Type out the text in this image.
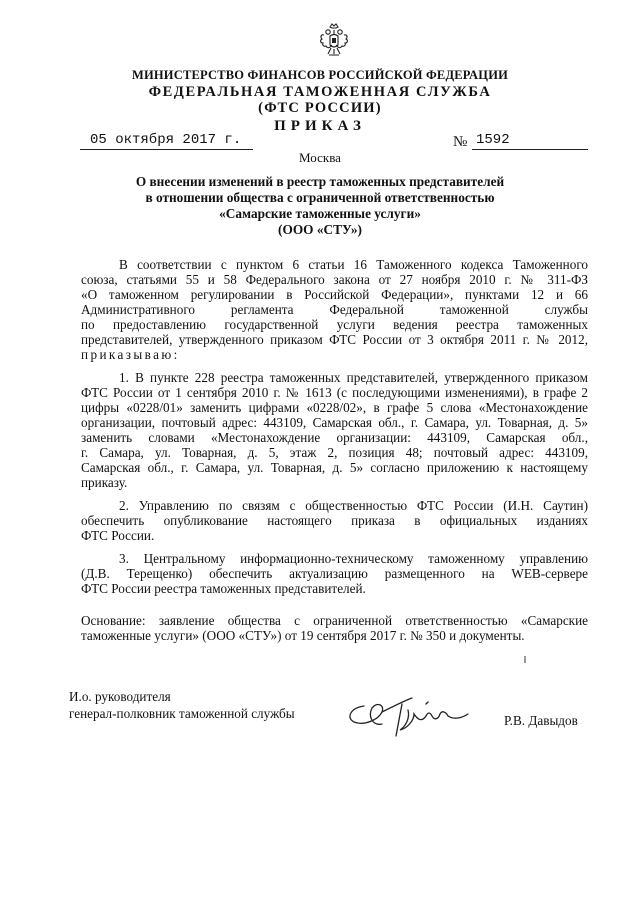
МИНИСТЕРСТВО ФИНАНСОВ РОССИЙСКОЙ ФЕДЕРАЦИИ
ФЕДЕРАЛЬНАЯ ТАМОЖЕННАЯ СЛУЖБА
(ФТС РОССИИ)
ПРИКАЗ
05 октября 2017 г.	№ 1592
Москва
О внесении изменений в реестр таможенных представителей
в отношении общества с ограниченной ответственностью
«Самарские таможенные услуги»
(ООО «СТУ»)
В соответствии с пунктом 6 статьи 16 Таможенного кодекса Таможенного
союза, статьями 55 и 58 Федерального закона от 27 ноября 2010 г. № 311-ФЗ
«О таможенном регулировании в Российской Федерации», пунктами 12 и 66
Административного регламента Федеральной таможенной службы
по предоставлению государственной услуги ведения реестра таможенных
представителей, утвержденного приказом ФТС России от 3 октября 2011 г. № 2012,
приказываю:
1. В пункте 228 реестра таможенных представителей, утвержденного приказом
ФТС России от 1 сентября 2010 г. № 1613 (с последующими изменениями), в графе 2
цифры «0228/01» заменить цифрами «0228/02», в графе 5 слова «Местонахождение
организации, почтовый адрес: 443109, Самарская обл., г. Самара, ул. Товарная, д. 5»
заменить словами «Местонахождение организации: 443109, Самарская обл.,
г. Самара, ул. Товарная, д. 5, этаж 2, позиция 48; почтовый адрес: 443109,
Самарская обл., г. Самара, ул. Товарная, д. 5» согласно приложению к настоящему
приказу.
2. Управлению по связям с общественностью ФТС России (И.Н. Саутин)
обеспечить опубликование настоящего приказа в официальных изданиях
ФТС России.
3. Центральному информационно-техническому таможенному управлению
(Д.В. Терещенко) обеспечить актуализацию размещенного на WEB-сервере
ФТС России реестра таможенных представителей.
Основание: заявление общества с ограниченной ответственностью «Самарские
таможенные услуги» (ООО «СТУ») от 19 сентября 2017 г. № 350 и документы.
И.о. руководителя
генерал-полковник таможенной службы	Р.В. Давыдов
